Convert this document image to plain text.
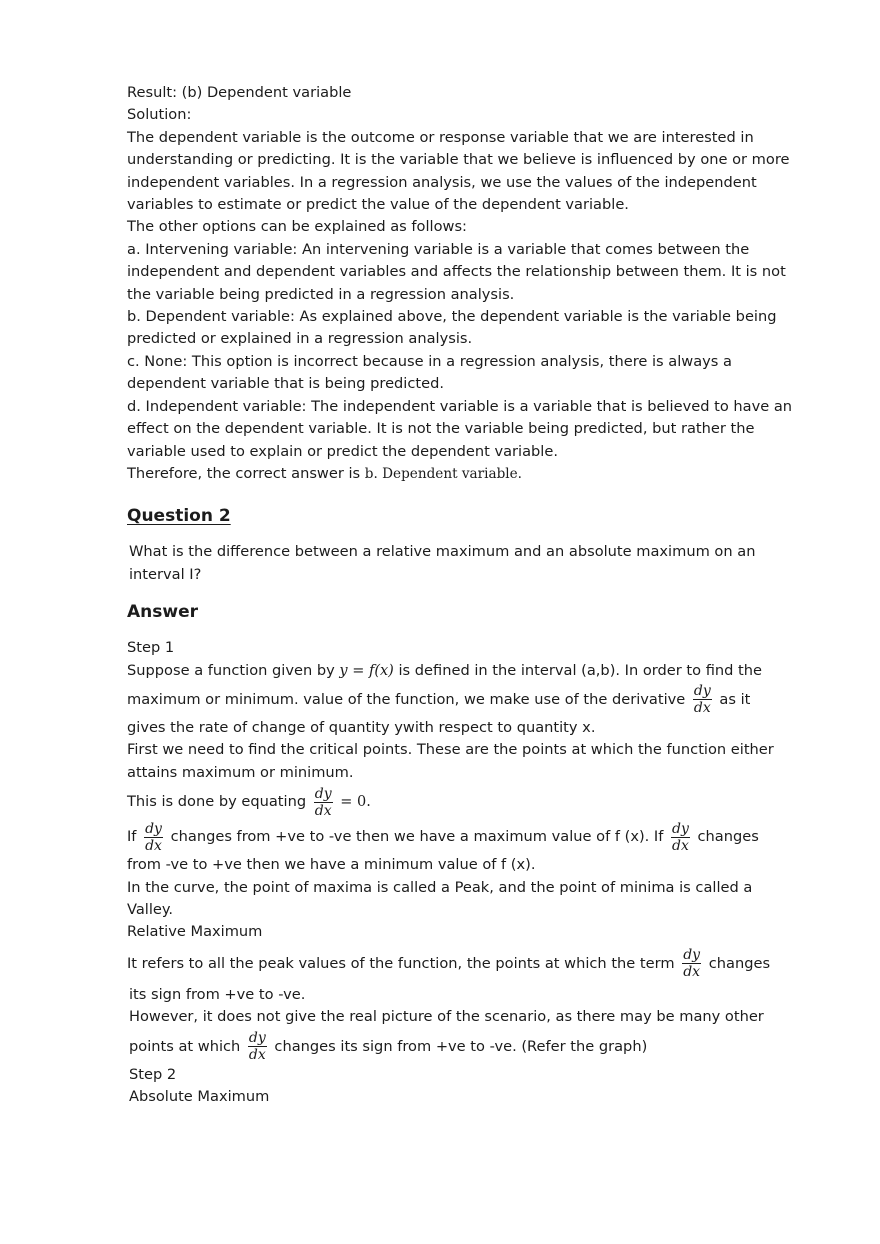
Result: (b) Dependent variable
Solution:
The dependent variable is the outcome or response variable that we are interested in
understanding or predicting. It is the variable that we believe is influenced by one or more
independent variables. In a regression analysis, we use the values of the independent
variables to estimate or predict the value of the dependent variable.
The other options can be explained as follows:
a. Intervening variable: An intervening variable is a variable that comes between the
independent and dependent variables and affects the relationship between them. It is not
the variable being predicted in a regression analysis.
b. Dependent variable: As explained above, the dependent variable is the variable being
predicted or explained in a regression analysis.
c. None: This option is incorrect because in a regression analysis, there is always a
dependent variable that is being predicted.
d. Independent variable: The independent variable is a variable that is believed to have an
effect on the dependent variable. It is not the variable being predicted, but rather the
variable used to explain or predict the dependent variable.
Therefore, the correct answer is b. Dependent variable.
Question 2
What is the difference between a relative maximum and an absolute maximum on an
interval I?
Answer
Step 1
Suppose a function given by y = f(x) is defined in the interval (a,b). In order to find the
maximum or minimum. value of the function, we make use of the derivative $\frac{dy}{dx}$ as it
gives the rate of change of quantity ywith respect to quantity x.
First we need to find the critical points. These are the points at which the function either
attains maximum or minimum.
This is done by equating $\frac{dy}{dx} = 0$.
If $\frac{dy}{dx}$ changes from +ve to -ve then we have a maximum value of f (x). If $\frac{dy}{dx}$ changes
from -ve to +ve then we have a minimum value of f (x).
In the curve, the point of maxima is called a Peak, and the point of minima is called a
Valley.
Relative Maximum
It refers to all the peak values of the function, the points at which the term $\frac{dy}{dx}$ changes
its sign from +ve to -ve.
However, it does not give the real picture of the scenario, as there may be many other
points at which $\frac{dy}{dx}$ changes its sign from +ve to -ve. (Refer the graph)
Step 2
Absolute Maximum
